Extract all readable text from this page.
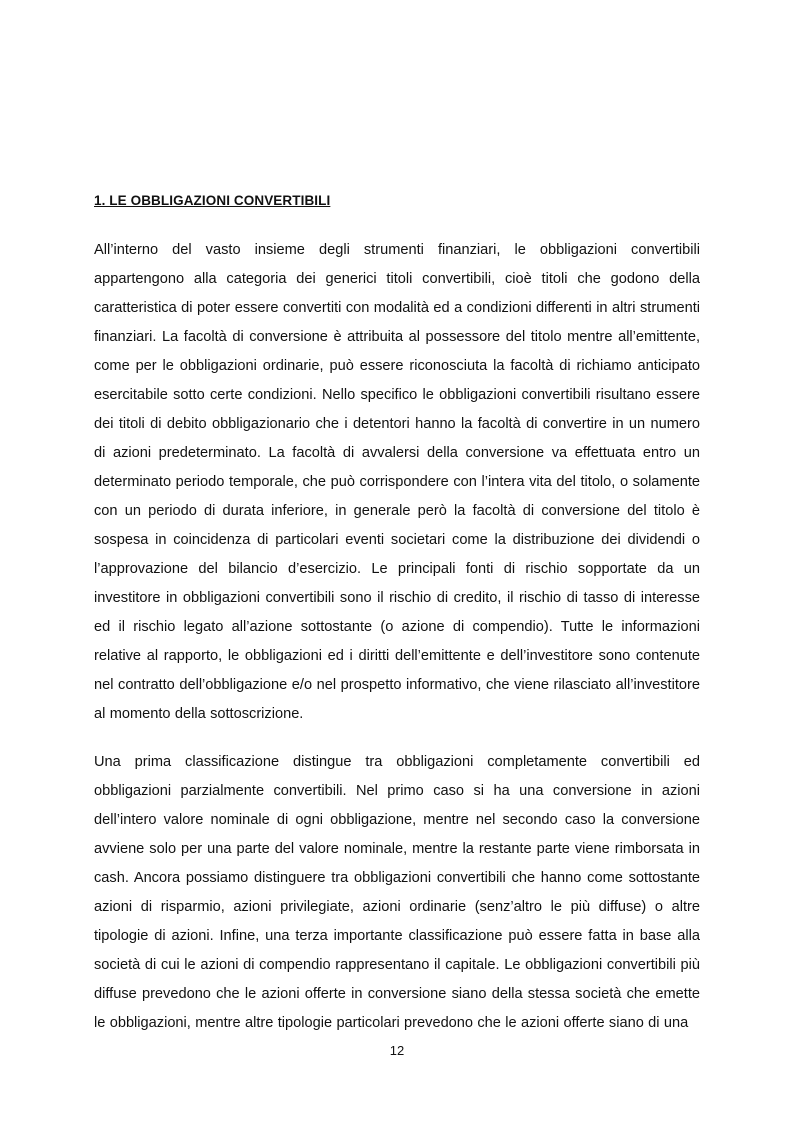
1. LE OBBLIGAZIONI CONVERTIBILI

All’interno del vasto insieme degli strumenti finanziari, le obbligazioni convertibili appartengono alla categoria dei generici titoli convertibili, cioè titoli che godono della caratteristica di poter essere convertiti con modalità ed a condizioni differenti in altri strumenti finanziari. La facoltà di conversione è attribuita al possessore del titolo mentre all’emittente, come per le obbligazioni ordinarie, può essere riconosciuta la facoltà di richiamo anticipato esercitabile sotto certe condizioni. Nello specifico le obbligazioni convertibili risultano essere dei titoli di debito obbligazionario che i detentori hanno la facoltà di convertire in un numero di azioni predeterminato. La facoltà di avvalersi della conversione va effettuata entro un determinato periodo temporale, che può corrispondere con l’intera vita del titolo, o solamente con un periodo di durata inferiore, in generale però la facoltà di conversione del titolo è sospesa in coincidenza di particolari eventi societari come la distribuzione dei dividendi o l’approvazione del bilancio d’esercizio. Le principali fonti di rischio sopportate da un investitore in obbligazioni convertibili sono il rischio di credito, il rischio di tasso di interesse ed il rischio legato all’azione sottostante (o azione di compendio). Tutte le informazioni relative al rapporto, le obbligazioni ed i diritti dell’emittente e dell’investitore sono contenute nel contratto dell’obbligazione e/o nel prospetto informativo, che viene rilasciato all’investitore al momento della sottoscrizione.

Una prima classificazione distingue tra obbligazioni completamente convertibili ed obbligazioni parzialmente convertibili. Nel primo caso si ha una conversione in azioni dell’intero valore nominale di ogni obbligazione, mentre nel secondo caso la conversione avviene solo per una parte del valore nominale, mentre la restante parte viene rimborsata in cash. Ancora possiamo distinguere tra obbligazioni convertibili che hanno come sottostante azioni di risparmio, azioni privilegiate, azioni ordinarie (senz’altro le più diffuse) o altre tipologie di azioni. Infine, una terza importante classificazione può essere fatta in base alla società di cui le azioni di compendio rappresentano il capitale. Le obbligazioni convertibili più diffuse prevedono che le azioni offerte in conversione siano della stessa società che emette le obbligazioni, mentre altre tipologie particolari prevedono che le azioni offerte siano di una

12
